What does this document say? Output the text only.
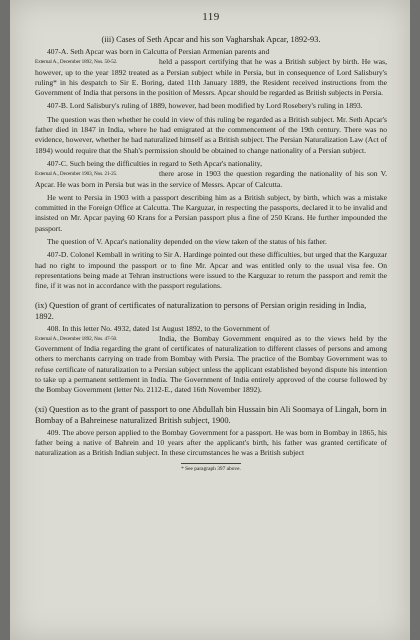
119
(iii) Cases of Seth Apcar and his son Vagharshak Apcar, 1892-93.

407-A. Seth Apcar was born in Calcutta of Persian Armenian parents and

External A., December 1892, Nos. 50-52.	held a passport certifying that he was a British subject by birth. He was, however, up to the year 1892 treated as a Persian subject while in Persia, but in consequence of Lord Salisbury's ruling* in his despatch to Sir E. Boring, dated 11th January 1889, the Resident received instructions from the Government of India that persons in the position of Messrs. Apcar should be regarded as British subjects in Persia.

407-B. Lord Salisbury's ruling of 1889, however, had been modified by Lord Rosebery's ruling in 1893.

The question was then whether he could in view of this ruling be regarded as a British subject. Mr. Seth Apcar's father died in 1847 in India, where he had emigrated at the commencement of the 19th century. There was no evidence, however, whether he had naturalized himself as a British subject. The Persian Naturalization Law (Act of 1894) would require that the Shah's permission should be obtained to change nationality of a Persian subject.

407-C. Such being the difficulties in regard to Seth Apcar's nationality,

External A., December 1903, Nos. 21-25.	there arose in 1903 the question regarding the nationality of his son V. Apcar. He was born in Persia but was in the service of Messrs. Apcar of Calcutta.

He went to Persia in 1903 with a passport describing him as a British subject, by birth, which was a mistake committed in the Foreign Office at Calcutta. The Karguzar, in respecting the passports, declared it to be invalid and insisted on Mr. Apcar paying 60 Krans for a Persian passport plus a fine of 250 Krans. He further impounded the passport.

The question of V. Apcar's nationality depended on the view taken of the status of his father.

407-D. Colonel Kemball in writing to Sir A. Hardinge pointed out these difficulties, but urged that the Karguzar had no right to impound the passport or to fine Mr. Apcar and was entitled only to the usual visa fee. On representations being made at Tehran instructions were issued to the Karguzar to return the passport and remit the fine, if it was not in accordance with the passport regulations.

(ix) Question of grant of certificates of naturalization to persons of Persian origin residing in India, 1892.

408. In this letter No. 4932, dated 1st August 1892, to the Government of

External A., December 1892, Nos. 47-50.	India, the Bombay Government enquired as to the views held by the Government of India regarding the grant of certificates of naturalization to different classes of persons and among others to merchants carrying on trade from Bombay with Persia. The practice of the Bombay Government was to refuse certificate of naturalization to a Persian subject unless the applicant established beyond dispute his intention to take up a permanent settlement in India. The Government of India entirely approved of the course followed by the Bombay Government (letter No. 2112-E., dated 16th November 1892).

(xi) Question as to the grant of passport to one Abdullah bin Hussain bin Ali Soomaya of Lingah, born in Bombay of a Bahreinese naturalized British subject, 1900.

409. The above person applied to the Bombay Government for a passport. He was born in Bombay in 1865, his father being a native of Bahrein and 10 years after the applicant's birth, his father was granted certificate of naturalization as a British Indian subject. In these circumstances he was a British subject

* See paragraph 397 above.
